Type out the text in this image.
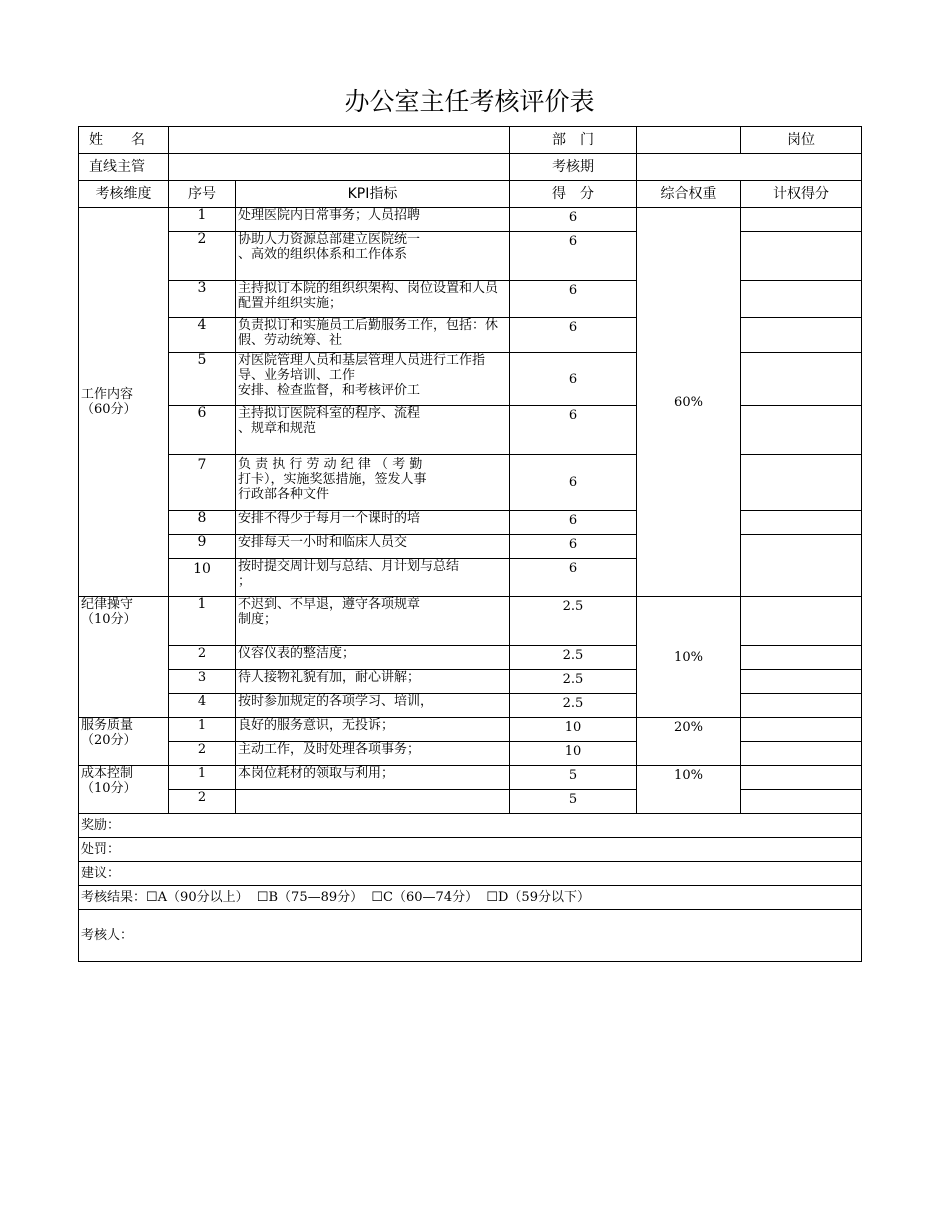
办公室主任考核评价表
姓　　名			部　门		岗位
直线主管			考核期		
考核维度	序号	KPI指标	得　分	综合权重	计权得分
工作内容
（60分）	1	处理医院内日常事务；人员招聘	6	60%	
	2	协助人力资源总部建立医院统一
、高效的组织体系和工作体系	6		
	3	主持拟订本院的组织织架构、岗位设置和人员配置并组织实施；	6		
	4	负责拟订和实施员工后勤服务工作，包括：休假、劳动统筹、社	6		
	5	对医院管理人员和基层管理人员进行工作指导、业务培训、工作
安排、检查监督，和考核评价工	6		
	6	主持拟订医院科室的程序、流程
、规章和规范	6		
	7	负 责 执 行 劳 动 纪 律 （ 考 勤
打卡），实施奖惩措施，签发人事
行政部各种文件	6		
	8	安排不得少于每月一个课时的培	6		
	9	安排每天一小时和临床人员交	6		
	10	按时提交周计划与总结、月计划与总结
；	6		
纪律操守
（10分）	1	不迟到、不早退，遵守各项规章
制度；	2.5	10%	
	2	仪容仪表的整洁度；	2.5		
	3	待人接物礼貌有加，耐心讲解；	2.5		
	4	按时参加规定的各项学习、培训，	2.5		
服务质量
（20分）	1	良好的服务意识，无投诉；	10	20%	
	2	主动工作，及时处理各项事务；	10		
成本控制
（10分）	1	本岗位耗材的领取与利用；	5	10%	
	2		5		
奖励：					
处罚：					
建议：					
考核结果：☐A（90分以上）  ☐B（75—89分）  ☐C（60—74分）  ☐D（59分以下）					
考核人：					
